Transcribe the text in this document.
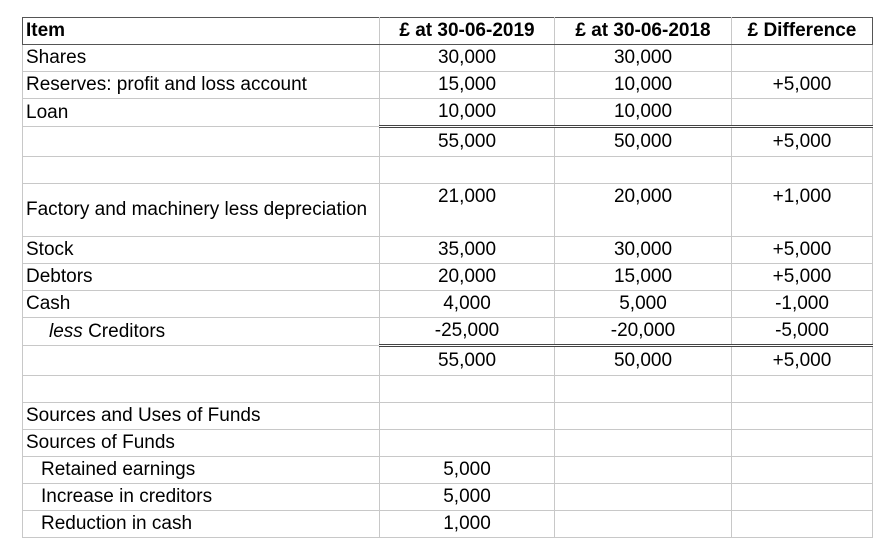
Item	£ at 30-06-2019	£ at 30-06-2018	£ Difference
Shares	30,000	30,000	
Reserves: profit and loss account	15,000	10,000	+5,000
Loan	10,000	10,000	
	55,000	50,000	+5,000

Factory and machinery less depreciation	21,000	20,000	+1,000
Stock	35,000	30,000	+5,000
Debtors	20,000	15,000	+5,000
Cash	4,000	5,000	-1,000
less Creditors	-25,000	-20,000	-5,000
	55,000	50,000	+5,000

Sources and Uses of Funds			
Sources of Funds			
Retained earnings	5,000		
Increase in creditors	5,000		
Reduction in cash	1,000		
